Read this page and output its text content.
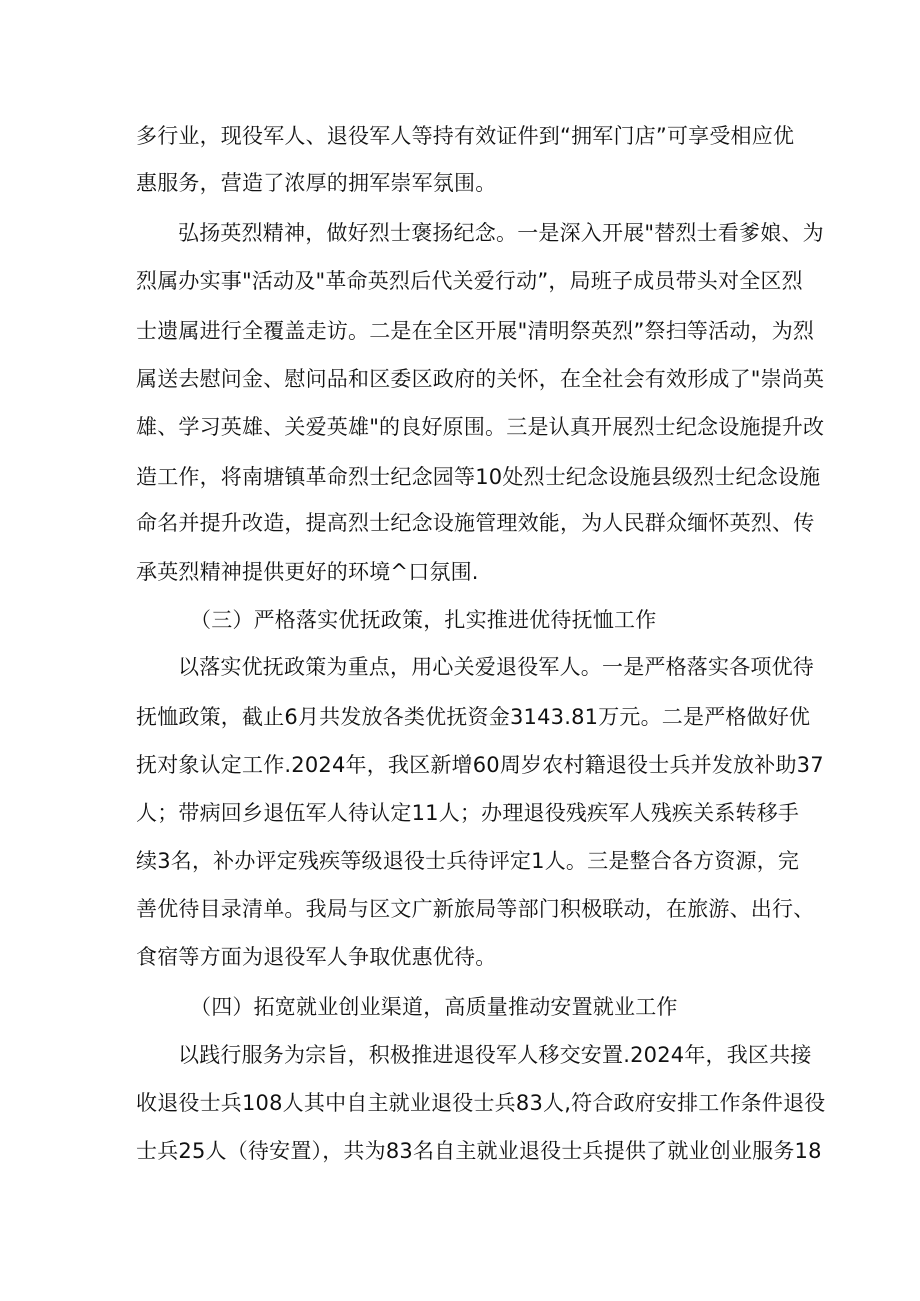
多行业，现役军人、退役军人等持有效证件到“拥军门店”可享受相应优
惠服务，营造了浓厚的拥军崇军氛围。
弘扬英烈精神，做好烈士褒扬纪念。一是深入开展"替烈士看爹娘、为
烈属办实事"活动及"革命英烈后代关爱行动”，局班子成员带头对全区烈
士遗属进行全覆盖走访。二是在全区开展"清明祭英烈”祭扫等活动，为烈
属送去慰问金、慰问品和区委区政府的关怀，在全社会有效形成了"崇尚英
雄、学习英雄、关爱英雄"的良好原围。三是认真开展烈士纪念设施提升改
造工作，将南塘镇革命烈士纪念园等10处烈士纪念设施县级烈士纪念设施
命名并提升改造，提高烈士纪念设施管理效能，为人民群众缅怀英烈、传
承英烈精神提供更好的环境^口氛围.
（三）严格落实优抚政策，扎实推进优待抚恤工作
以落实优抚政策为重点，用心关爱退役军人。一是严格落实各项优待
抚恤政策，截止6月共发放各类优抚资金3143.81万元。二是严格做好优
抚对象认定工作.2024年，我区新增60周岁农村籍退役士兵并发放补助37
人；带病回乡退伍军人待认定11人；办理退役残疾军人残疾关系转移手
续3名，补办评定残疾等级退役士兵待评定1人。三是整合各方资源，完
善优待目录清单。我局与区文广新旅局等部门积极联动，在旅游、出行、
食宿等方面为退役军人争取优惠优待。
（四）拓宽就业创业渠道，高质量推动安置就业工作
以践行服务为宗旨，积极推进退役军人移交安置.2024年，我区共接
收退役士兵108人其中自主就业退役士兵83人,符合政府安排工作条件退役
士兵25人（待安置），共为83名自主就业退役士兵提供了就业创业服务18
